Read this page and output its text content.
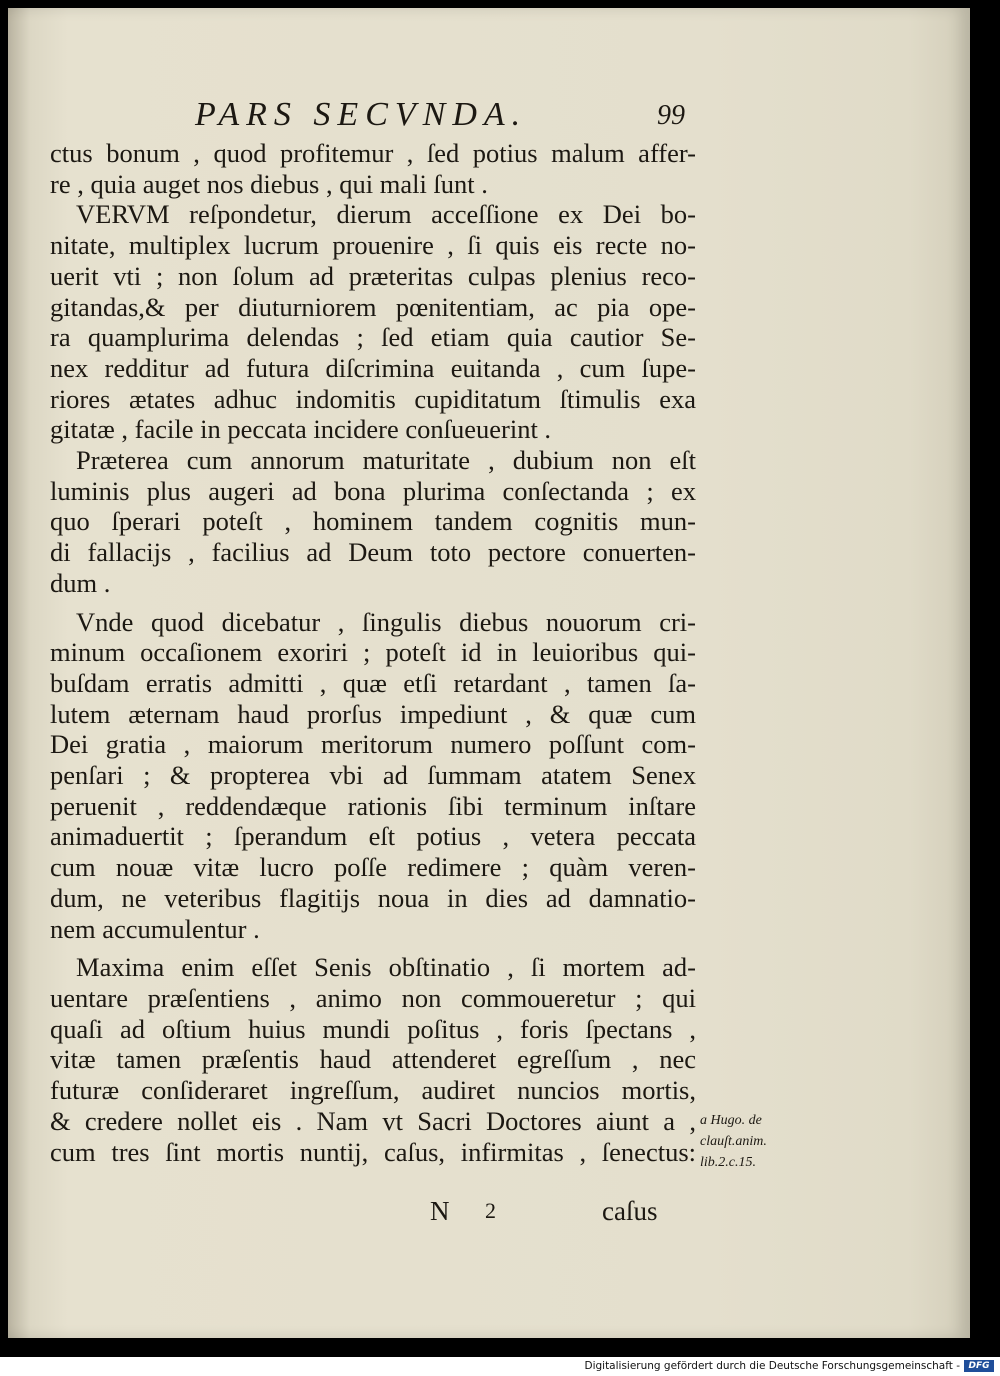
PARS SECVNDA.	99
ctus bonum , quod profitemur , ſed potius malum affer-
re , quia auget nos diebus , qui mali ſunt .
VERVM reſpondetur, dierum acceſſione ex Dei bo-
nitate, multiplex lucrum prouenire , ſi quis eis recte no-
uerit vti ; non ſolum ad præteritas culpas plenius reco-
gitandas,& per diuturniorem pœnitentiam, ac pia ope-
ra quamplurima delendas ; ſed etiam quia cautior Se-
nex redditur ad futura diſcrimina euitanda , cum ſupe-
riores ætates adhuc indomitis cupiditatum ſtimulis exa
gitatæ , facile in peccata incidere conſueuerint .
Præterea cum annorum maturitate , dubium non eſt
luminis plus augeri ad bona plurima conſectanda ; ex
quo ſperari poteſt , hominem tandem cognitis mun-
di fallacijs , facilius ad Deum toto pectore conuerten-
dum .
Vnde quod dicebatur , ſingulis diebus nouorum cri-
minum occaſionem exoriri ; poteſt id in leuioribus qui-
buſdam erratis admitti , quæ etſi retardant , tamen ſa-
lutem æternam haud prorſus impediunt , & quæ cum
Dei gratia , maiorum meritorum numero poſſunt com-
penſari ; & propterea vbi ad ſummam atatem Senex
peruenit , reddendæque rationis ſibi terminum inſtare
animaduertit ; ſperandum eſt potius , vetera peccata
cum nouæ vitæ lucro poſſe redimere ; quàm veren-
dum, ne veteribus flagitijs noua in dies ad damnatio-
nem accumulentur .
Maxima enim eſſet Senis obſtinatio , ſi mortem ad-
uentare præſentiens , animo non commoueretur ; qui
quaſi ad oſtium huius mundi poſitus , foris ſpectans ,
vitæ tamen præſentis haud attenderet egreſſum , nec
futuræ conſideraret ingreſſum, audiret nuncios mortis,
& credere nollet eis . Nam vt Sacri Doctores aiunt a ,
cum tres ſint mortis nuntij, caſus, infirmitas , ſenectus:
a Hugo. de
clauſt.anim.
lib.2.c.15.
N 2	caſus
Digitalisierung gefördert durch die Deutsche Forschungsgemeinschaft - DFG
